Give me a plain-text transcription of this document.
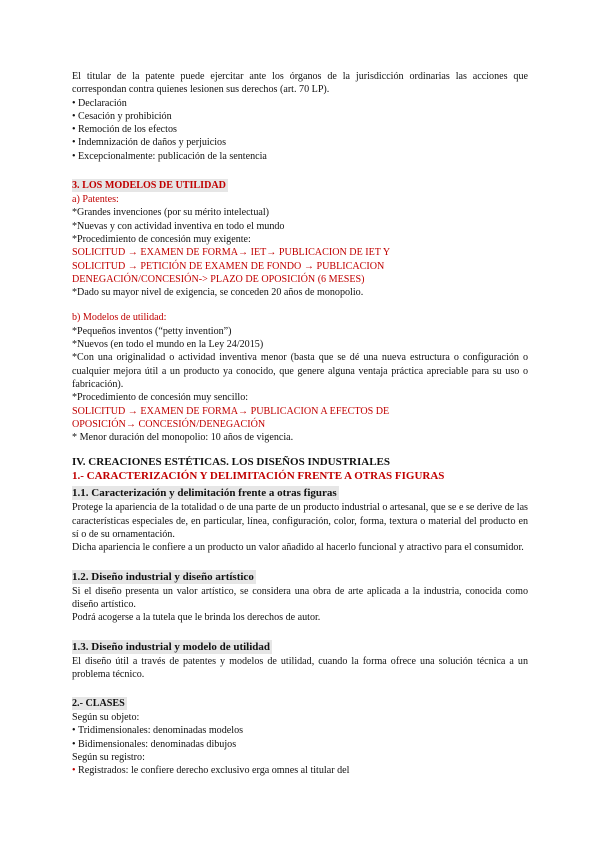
El titular de la patente puede ejercitar ante los órganos de la jurisdicción ordinarias las acciones que correspondan contra quienes lesionen sus derechos (art. 70 LP).

• Declaración
• Cesación y prohibición
• Remoción de los efectos
• Indemnización de daños y perjuicios
• Excepcionalmente: publicación de la sentencia
3. LOS MODELOS DE UTILIDAD
a) Patentes:
*Grandes invenciones (por su mérito intelectual)
*Nuevas y con actividad inventiva en todo el mundo
*Procedimiento de concesión muy exigente:
SOLICITUD → EXAMEN DE FORMA→ IET→ PUBLICACION DE IET Y
SOLICITUD → PETICIÓN DE EXAMEN DE FONDO → PUBLICACION
DENEGACIÓN/CONCESIÓN-> PLAZO DE OPOSICIÓN (6 MESES)
*Dado su mayor nivel de exigencia, se conceden 20 años de monopolio.
b) Modelos de utilidad:
*Pequeños inventos (“petty invention”)
*Nuevos (en todo el mundo en la Ley 24/2015)

*Con una originalidad o actividad inventiva menor (basta que se dé una nueva estructura o configuración o cualquier mejora útil a un producto ya conocido, que genere alguna ventaja práctica apreciable para su uso o fabricación).

*Procedimiento de concesión muy sencillo:
SOLICITUD → EXAMEN DE FORMA→ PUBLICACION A EFECTOS DE
OPOSICIÓN→ CONCESIÓN/DENEGACIÓN
* Menor duración del monopolio: 10 años de vigencia.
IV. CREACIONES ESTÉTICAS. LOS DISEÑOS INDUSTRIALES
1.- CARACTERIZACIÓN Y DELIMITACIÓN FRENTE A OTRAS FIGURAS
1.1. Caracterización y delimitación frente a otras figuras

Protege la apariencia de la totalidad o de una parte de un producto industrial o artesanal, que se e se derive de las características especiales de, en particular, línea, configuración, color, forma, textura o material del producto en sí o de su ornamentación.

Dicha apariencia le confiere a un producto un valor añadido al hacerlo funcional y atractivo para el consumidor.

1.2. Diseño industrial y diseño artístico

Si el diseño presenta un valor artístico, se considera una obra de arte aplicada a la industria, conocida como diseño artístico.

Podrá acogerse a la tutela que le brinda los derechos de autor.
1.3. Diseño industrial y modelo de utilidad

El diseño útil a través de patentes y modelos de utilidad, cuando la forma ofrece una solución técnica a un problema técnico.

2.- CLASES
Según su objeto:
• Tridimensionales: denominadas modelos
• Bidimensionales: denominadas dibujos
Según su registro:
• Registrados: le confiere derecho exclusivo erga omnes al titular del
